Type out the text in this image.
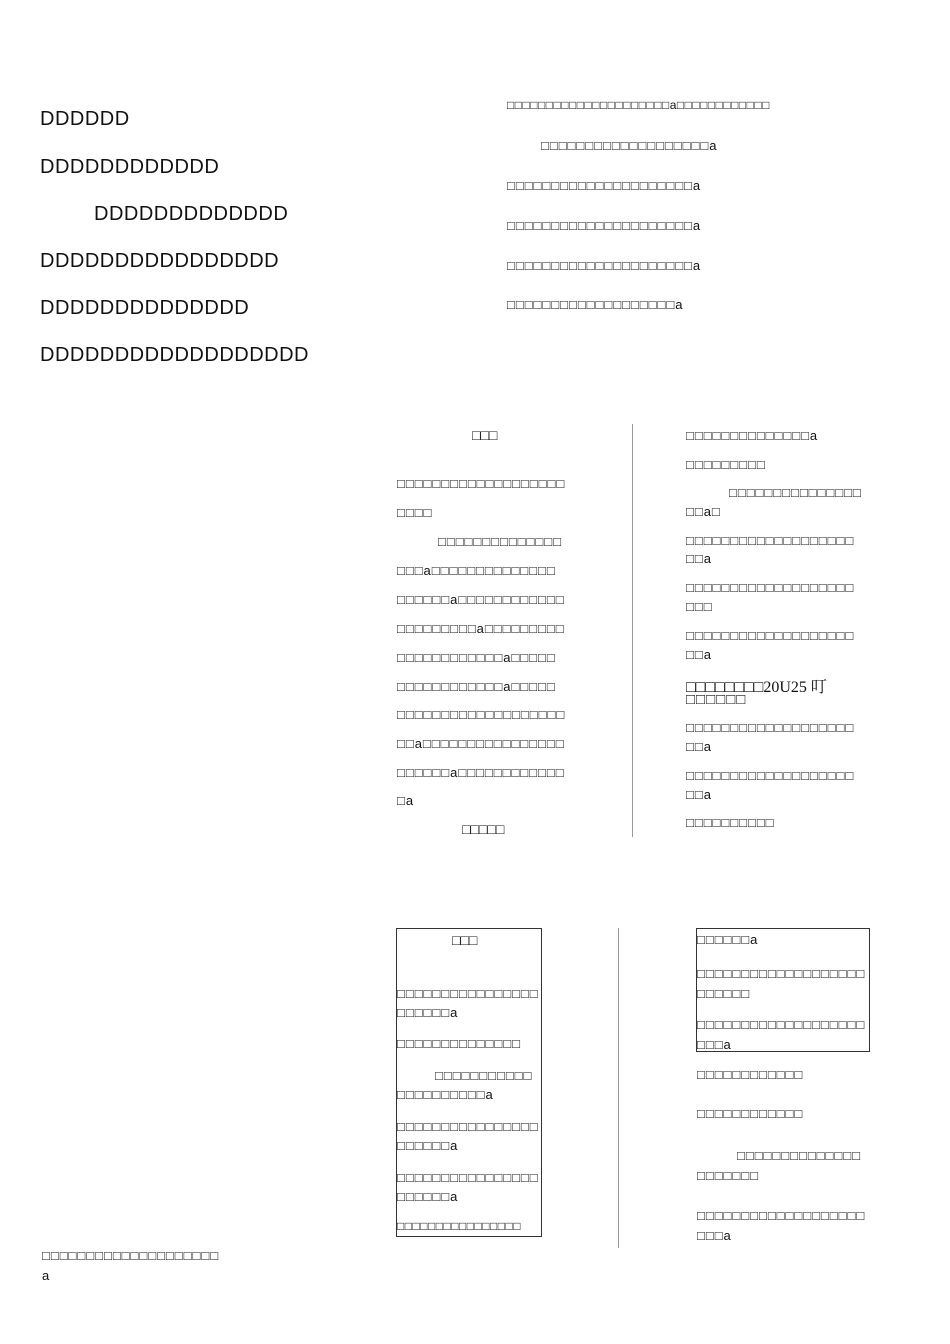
DDDDDD
DDDDDDDDDDDD
DDDDDDDDDDDDD
DDDDDDDDDDDDDDDD
DDDDDDDDDDDDDD
DDDDDDDDDDDDDDDDDD
□□□□□□□□□□□□□□□□□□□□□a□□□□□□□□□□□□
□□□□□□□□□□□□□□□□□□□a
□□□□□□□□□□□□□□□□□□□□□a
□□□□□□□□□□□□□□□□□□□□□a
□□□□□□□□□□□□□□□□□□□□□a
□□□□□□□□□□□□□□□□□□□a
□□□
□□□□□□□□□□□□□□□□□□□
□□□□
□□□□□□□□□□□□□□
□□□a□□□□□□□□□□□□□□
□□□□□□a□□□□□□□□□□□□
□□□□□□□□□a□□□□□□□□□
□□□□□□□□□□□□a□□□□□
□□□□□□□□□□□□a□□□□□
□□□□□□□□□□□□□□□□□□□
□□a□□□□□□□□□□□□□□□□
□□□□□□a□□□□□□□□□□□□
□a
□□□□□
□□□□□□□□□□□□□□a
□□□□□□□□□
□□□□□□□□□□□□□□□
□□a□
□□□□□□□□□□□□□□□□□□□
□□a
□□□□□□□□□□□□□□□□□□□
□□□
□□□□□□□□□□□□□□□□□□□
□□a
□□□□□□□□20U25 叮
□□□□□□
□□□□□□□□□□□□□□□□□□□
□□a
□□□□□□□□□□□□□□□□□□□
□□a
□□□□□□□□□□
□□□
□□□□□□□□□□□□□□□□□□□□□□a
□□□□□□□□□□□□□□
□□□□□□□□□□□□□□□□□□□□□a
□□□□□□□□□□□□□□□□□□□□□□a
□□□□□□□□□□□□□□□□□□□□□□a
□□□□□□□□□□□□□□□□
□□□□□□a
□□□□□□□□□□□□□□□□□□□□□□□□□
□□□□□□□□□□□□□□□□□□□□□□a
□□□□□□□□□□□□
□□□□□□□□□□□□
□□□□□□□□□□□□□□□□□□□□□
□□□□□□□□□□□□□□□□□□□□□□a
□□□□□□□□□□□□□□□□□□□□
a
